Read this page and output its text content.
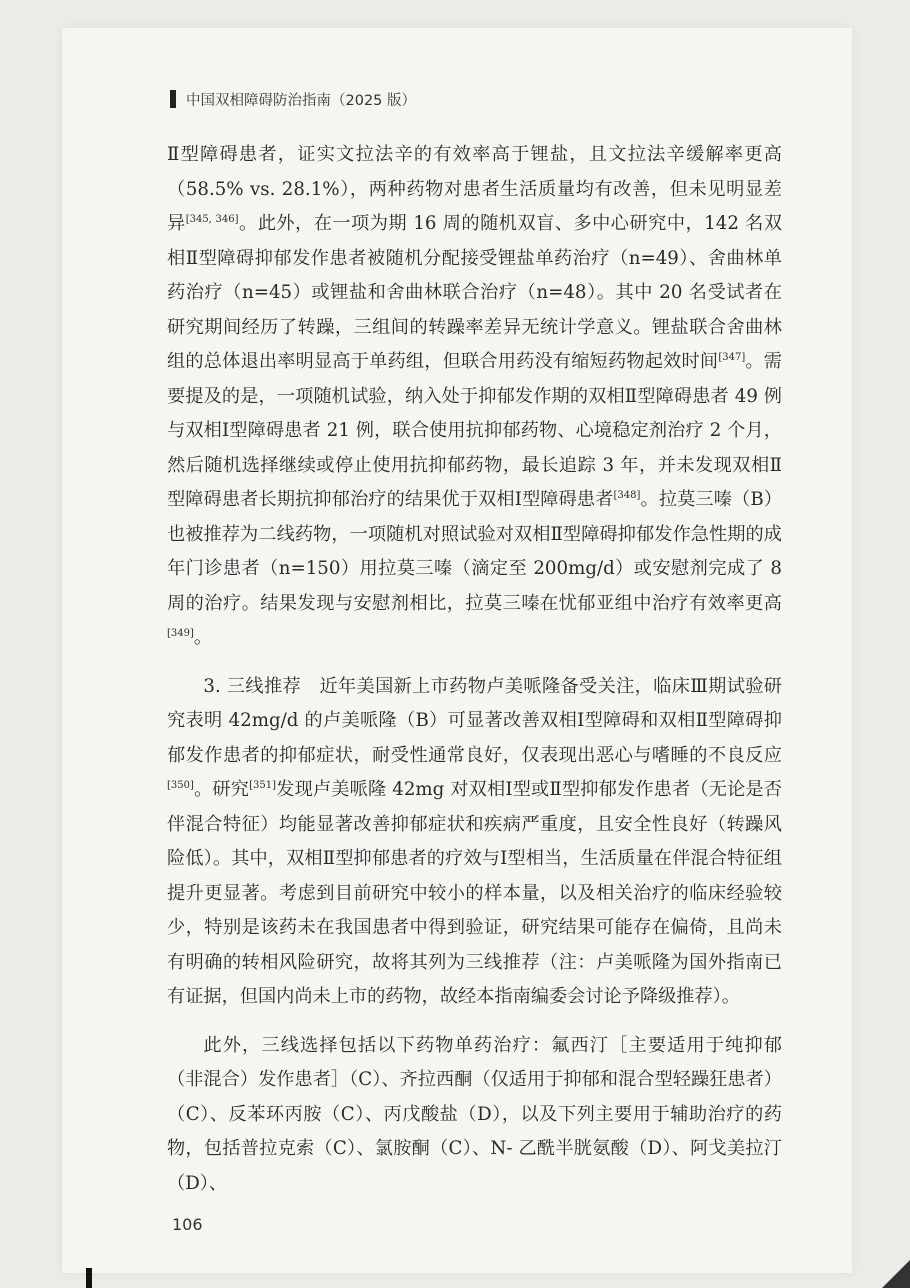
中国双相障碍防治指南（2025 版）

Ⅱ型障碍患者，证实文拉法辛的有效率高于锂盐，且文拉法辛缓解率更高（58.5% vs. 28.1%），两种药物对患者生活质量均有改善，但未见明显差异[345, 346]。此外，在一项为期 16 周的随机双盲、多中心研究中，142 名双相Ⅱ型障碍抑郁发作患者被随机分配接受锂盐单药治疗（n=49）、舍曲林单药治疗（n=45）或锂盐和舍曲林联合治疗（n=48）。其中 20 名受试者在研究期间经历了转躁，三组间的转躁率差异无统计学意义。锂盐联合舍曲林组的总体退出率明显高于单药组，但联合用药没有缩短药物起效时间[347]。需要提及的是，一项随机试验，纳入处于抑郁发作期的双相Ⅱ型障碍患者 49 例与双相Ⅰ型障碍患者 21 例，联合使用抗抑郁药物、心境稳定剂治疗 2 个月，然后随机选择继续或停止使用抗抑郁药物，最长追踪 3 年，并未发现双相Ⅱ型障碍患者长期抗抑郁治疗的结果优于双相Ⅰ型障碍患者[348]。拉莫三嗪（B）也被推荐为二线药物，一项随机对照试验对双相Ⅱ型障碍抑郁发作急性期的成年门诊患者（n=150）用拉莫三嗪（滴定至 200mg/d）或安慰剂完成了 8 周的治疗。结果发现与安慰剂相比，拉莫三嗪在忧郁亚组中治疗有效率更高[349]。

3. 三线推荐 近年美国新上市药物卢美哌隆备受关注，临床Ⅲ期试验研究表明 42mg/d 的卢美哌隆（B）可显著改善双相Ⅰ型障碍和双相Ⅱ型障碍抑郁发作患者的抑郁症状，耐受性通常良好，仅表现出恶心与嗜睡的不良反应[350]。研究[351]发现卢美哌隆 42mg 对双相Ⅰ型或Ⅱ型抑郁发作患者（无论是否伴混合特征）均能显著改善抑郁症状和疾病严重度，且安全性良好（转躁风险低）。其中，双相Ⅱ型抑郁患者的疗效与Ⅰ型相当，生活质量在伴混合特征组提升更显著。考虑到目前研究中较小的样本量，以及相关治疗的临床经验较少，特别是该药未在我国患者中得到验证，研究结果可能存在偏倚，且尚未有明确的转相风险研究，故将其列为三线推荐（注：卢美哌隆为国外指南已有证据，但国内尚未上市的药物，故经本指南编委会讨论予降级推荐）。

此外，三线选择包括以下药物单药治疗：氟西汀［主要适用于纯抑郁（非混合）发作患者］（C）、齐拉西酮（仅适用于抑郁和混合型轻躁狂患者）（C）、反苯环丙胺（C）、丙戊酸盐（D），以及下列主要用于辅助治疗的药物，包括普拉克索（C）、氯胺酮（C）、N- 乙酰半胱氨酸（D）、阿戈美拉汀（D）、

106
